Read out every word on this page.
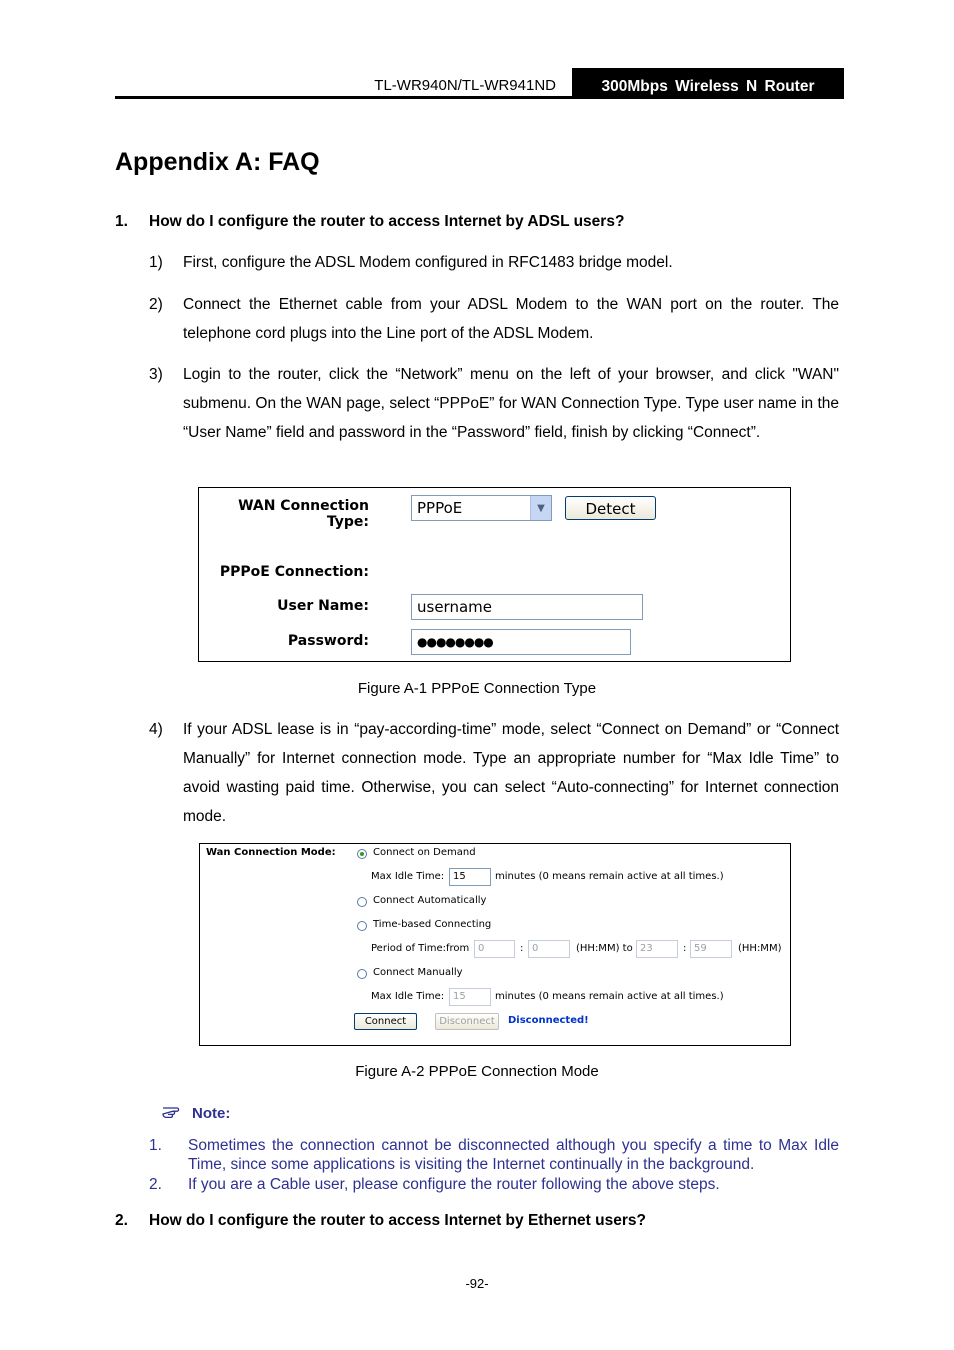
TL-WR940N/TL-WR941ND	300Mbps Wireless N Router
Appendix A: FAQ
1. How do I configure the router to access Internet by ADSL users?
1) First, configure the ADSL Modem configured in RFC1483 bridge model.
2) Connect the Ethernet cable from your ADSL Modem to the WAN port on the router. The telephone cord plugs into the Line port of the ADSL Modem.
3) Login to the router, click the “Network” menu on the left of your browser, and click "WAN" submenu. On the WAN page, select “PPPoE” for WAN Connection Type. Type user name in the “User Name” field and password in the “Password” field, finish by clicking “Connect”.
WAN Connection Type:
PPPoE	▼	Detect
PPPoE Connection:
User Name:	username
Password:	●●●●●●●●
Figure A-1 PPPoE Connection Type
4) If your ADSL lease is in “pay-according-time” mode, select “Connect on Demand” or “Connect Manually” for Internet connection mode. Type an appropriate number for “Max Idle Time” to avoid wasting paid time. Otherwise, you can select “Auto-connecting” for Internet connection mode.
Wan Connection Mode:	Connect on Demand
Max Idle Time: 15	minutes (0 means remain active at all times.)
Connect Automatically
Time-based Connecting
Period of Time:from 0	: 0	(HH:MM) to 23	: 59	(HH:MM)
Connect Manually
Max Idle Time: 15	minutes (0 means remain active at all times.)
Connect	Disconnect	Disconnected!
Figure A-2 PPPoE Connection Mode
Note:
1. Sometimes the connection cannot be disconnected although you specify a time to Max Idle Time, since some applications is visiting the Internet continually in the background.
2. If you are a Cable user, please configure the router following the above steps.
2. How do I configure the router to access Internet by Ethernet users?
-92-
